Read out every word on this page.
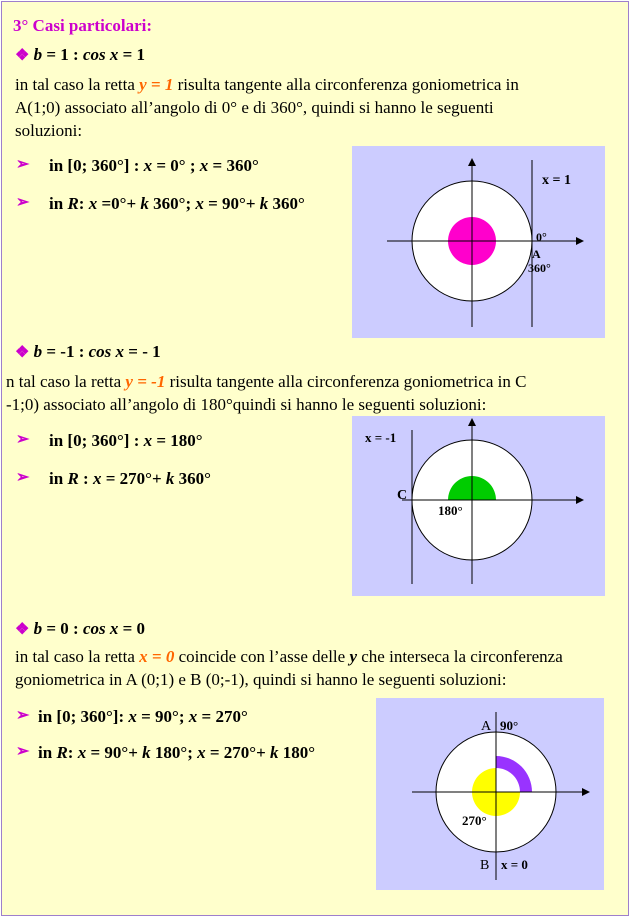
3° Casi particolari:
❖ b = 1 : cos x = 1
in tal caso la retta y = 1 risulta tangente alla circonferenza goniometrica in
A(1;0) associato all’angolo di 0° e di 360°, quindi si hanno le seguenti
soluzioni:
➢ in [0; 360°] : x = 0° ; x = 360°
➢ in R: x =0°+ k 360°; x = 90°+ k 360°
x = 1
0°
A
360°
❖ b = -1 : cos x = - 1
n tal caso la retta y = -1 risulta tangente alla circonferenza goniometrica in C
-1;0) associato all’angolo di 180°quindi si hanno le seguenti soluzioni:
➢ in [0; 360°] : x = 180°
➢ in R : x = 270°+ k 360°
x = -1
C
180°
❖ b = 0 : cos x = 0
in tal caso la retta x = 0 coincide con l’asse delle y che interseca la circonferenza
goniometrica in A (0;1) e B (0;-1), quindi si hanno le seguenti soluzioni:
➢ in [0; 360°]: x = 90°; x = 270°
➢ in R: x = 90°+ k 180°; x = 270°+ k 180°
A 90°
270°
B x = 0
